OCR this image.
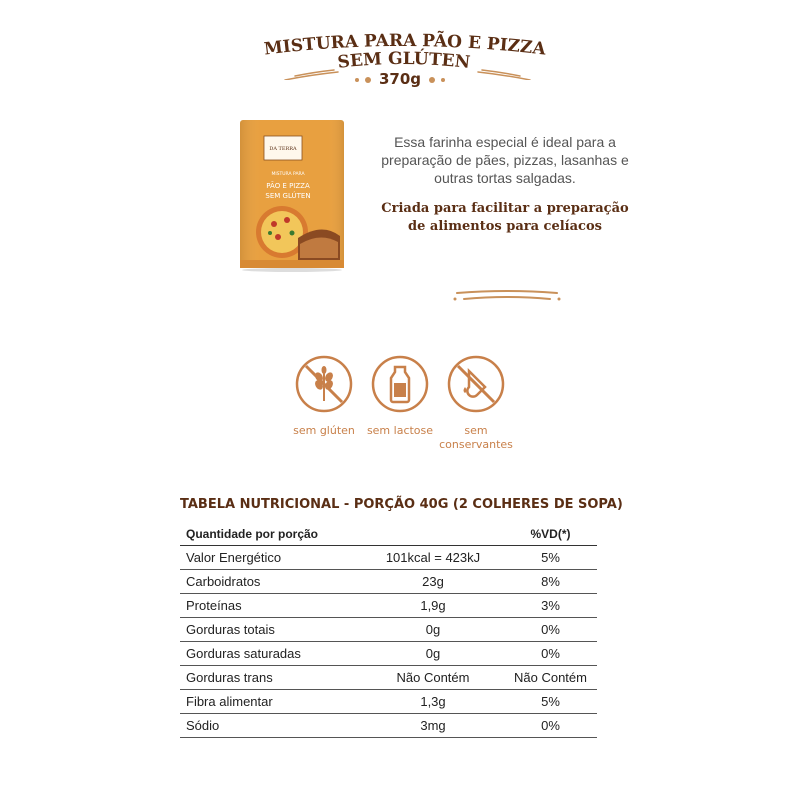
MISTURA PARA PÃO E PIZZA
SEM GLÚTEN
370g
DA TERRA
MISTURA PARA
PÃO E PIZZA
SEM GLÚTEN
Essa farinha especial é ideal para a preparação de pães, pizzas, lasanhas e outras tortas salgadas.
Criada para facilitar a preparação de alimentos para celíacos
sem glúten	sem lactose	sem conservantes
TABELA NUTRICIONAL - PORÇÃO 40G (2 COLHERES DE SOPA)
Quantidade por porção		%VD(*)
Valor Energético	101kcal = 423kJ	5%
Carboidratos	23g	8%
Proteínas	1,9g	3%
Gorduras totais	0g	0%
Gorduras saturadas	0g	0%
Gorduras trans	Não Contém	Não Contém
Fibra alimentar	1,3g	5%
Sódio	3mg	0%
